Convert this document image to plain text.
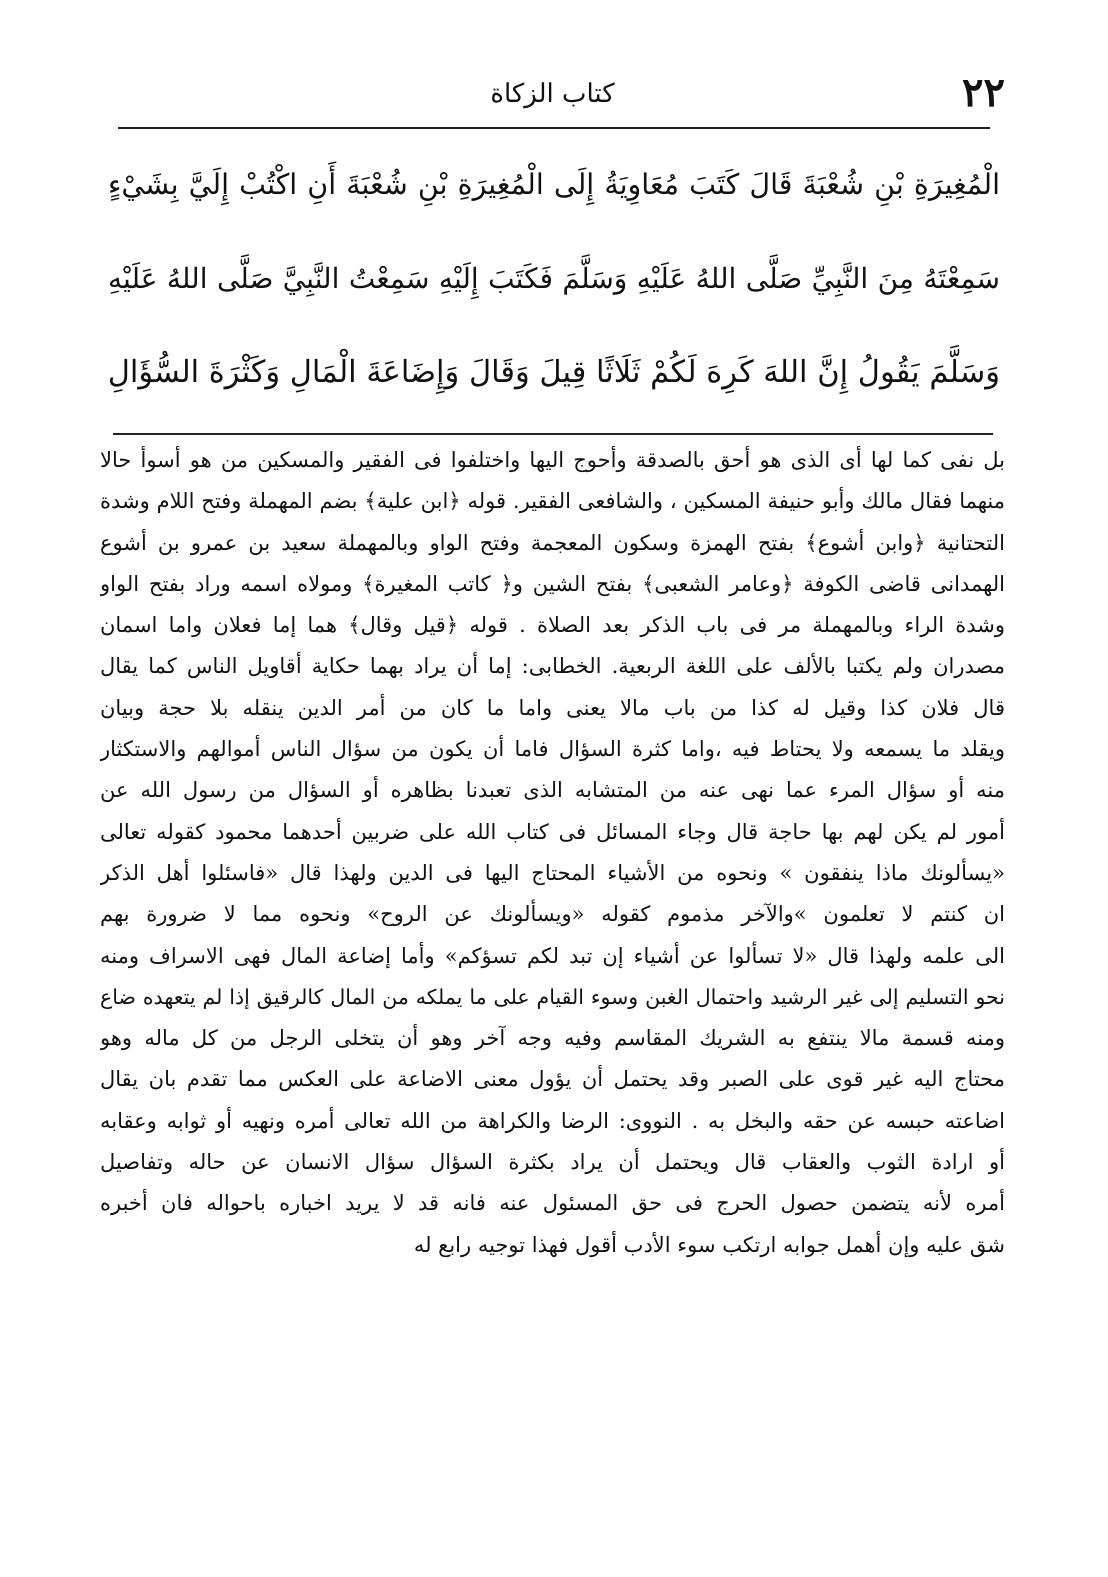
٢٢
كتاب الزكاة
الْمُغِيرَةِ بْنِ شُعْبَةَ قَالَ كَتَبَ مُعَاوِيَةُ إِلَى الْمُغِيرَةِ بْنِ شُعْبَةَ أَنِ اكْتُبْ إِلَيَّ بِشَيْءٍ
سَمِعْتَهُ مِنَ النَّبِيِّ صَلَّى اللهُ عَلَيْهِ وَسَلَّمَ فَكَتَبَ إِلَيْهِ سَمِعْتُ النَّبِيَّ صَلَّى اللهُ عَلَيْهِ
وَسَلَّمَ يَقُولُ إِنَّ اللهَ كَرِهَ لَكُمْ ثَلَاثًا قِيلَ وَقَالَ وَإِضَاعَةَ الْمَالِ وَكَثْرَةَ السُّؤَالِ
بل نفى كما لها أى الذى هو أحق بالصدقة وأحوج اليها واختلفوا فى الفقير والمسكين من هو أسوأ حالا
منهما فقال مالك وأبو حنيفة المسكين ، والشافعى الفقير. قوله ﴿ابن علية﴾ بضم المهملة وفتح اللام وشدة
التحتانية ﴿وابن أشوع﴾ بفتح الهمزة وسكون المعجمة وفتح الواو وبالمهملة سعيد بن عمرو بن أشوع
الهمدانى قاضى الكوفة ﴿وعامر الشعبى﴾ بفتح الشين و﴿ كاتب المغيرة﴾ ومولاه اسمه وراد بفتح الواو
وشدة الراء وبالمهملة مر فى باب الذكر بعد الصلاة . قوله ﴿قيل وقال﴾ هما إما فعلان واما اسمان
مصدران ولم يكتبا بالألف على اللغة الربعية. الخطابى: إما أن يراد بهما حكاية أقاويل الناس كما يقال
قال فلان كذا وقيل له كذا من باب مالا يعنى واما ما كان من أمر الدين ينقله بلا حجة وبيان
ويقلد ما يسمعه ولا يحتاط فيه ،واما كثرة السؤال فاما أن يكون من سؤال الناس أموالهم والاستكثار
منه أو سؤال المرء عما نهى عنه من المتشابه الذى تعبدنا بظاهره أو السؤال من رسول الله عن
أمور لم يكن لهم بها حاجة قال وجاء المسائل فى كتاب الله على ضربين أحدهما محمود كقوله تعالى
«يسألونك ماذا ينفقون » ونحوه من الأشياء المحتاج اليها فى الدين ولهذا قال «فاسئلوا أهل الذكر
ان كنتم لا تعلمون »والآخر مذموم كقوله «ويسألونك عن الروح» ونحوه مما لا ضرورة بهم
الى علمه ولهذا قال «لا تسألوا عن أشياء إن تبد لكم تسؤكم» وأما إضاعة المال فهى الاسراف ومنه
نحو التسليم إلى غير الرشيد واحتمال الغبن وسوء القيام على ما يملكه من المال كالرقيق إذا لم يتعهده ضاع
ومنه قسمة مالا ينتفع به الشريك المقاسم وفيه وجه آخر وهو أن يتخلى الرجل من كل ماله وهو
محتاج اليه غير قوى على الصبر وقد يحتمل أن يؤول معنى الاضاعة على العكس مما تقدم بان يقال
اضاعته حبسه عن حقه والبخل به . النووى: الرضا والكراهة من الله تعالى أمره ونهيه أو ثوابه وعقابه
أو ارادة الثوب والعقاب قال ويحتمل أن يراد بكثرة السؤال سؤال الانسان عن حاله وتفاصيل
أمره لأنه يتضمن حصول الحرج فى حق المسئول عنه فانه قد لا يريد اخباره باحواله فان أخبره
شق عليه وإن أهمل جوابه ارتكب سوء الأدب أقول فهذا توجيه رابع له
